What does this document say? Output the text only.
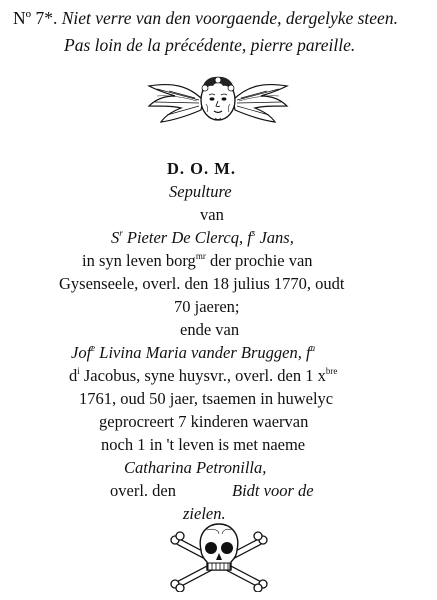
Nº 7*. Niet verre van den voorgaende, dergelyke steen.
Pas loin de la précédente, pierre pareille.
D. O. M.
Sepulture
van
$S^r$ Pieter De Clercq, $f^s$ Jans,
in syn leven borg$^{mr}$ der prochie van
Gysenseele, overl. den 18 julius 1770, oudt
70 jaeren;
ende van
Jof$^e$ Livina Maria vander Bruggen, $f^a$
$d^i$ Jacobus, syne huysvr., overl. den 1 $x^{bre}$
1761, oud 50 jaer, tsaemen in huwelyc
geprocreert 7 kinderen waervan
noch 1 in 't leven is met naeme
Catharina Petronilla,
overl. den	Bidt voor de
zielen.
